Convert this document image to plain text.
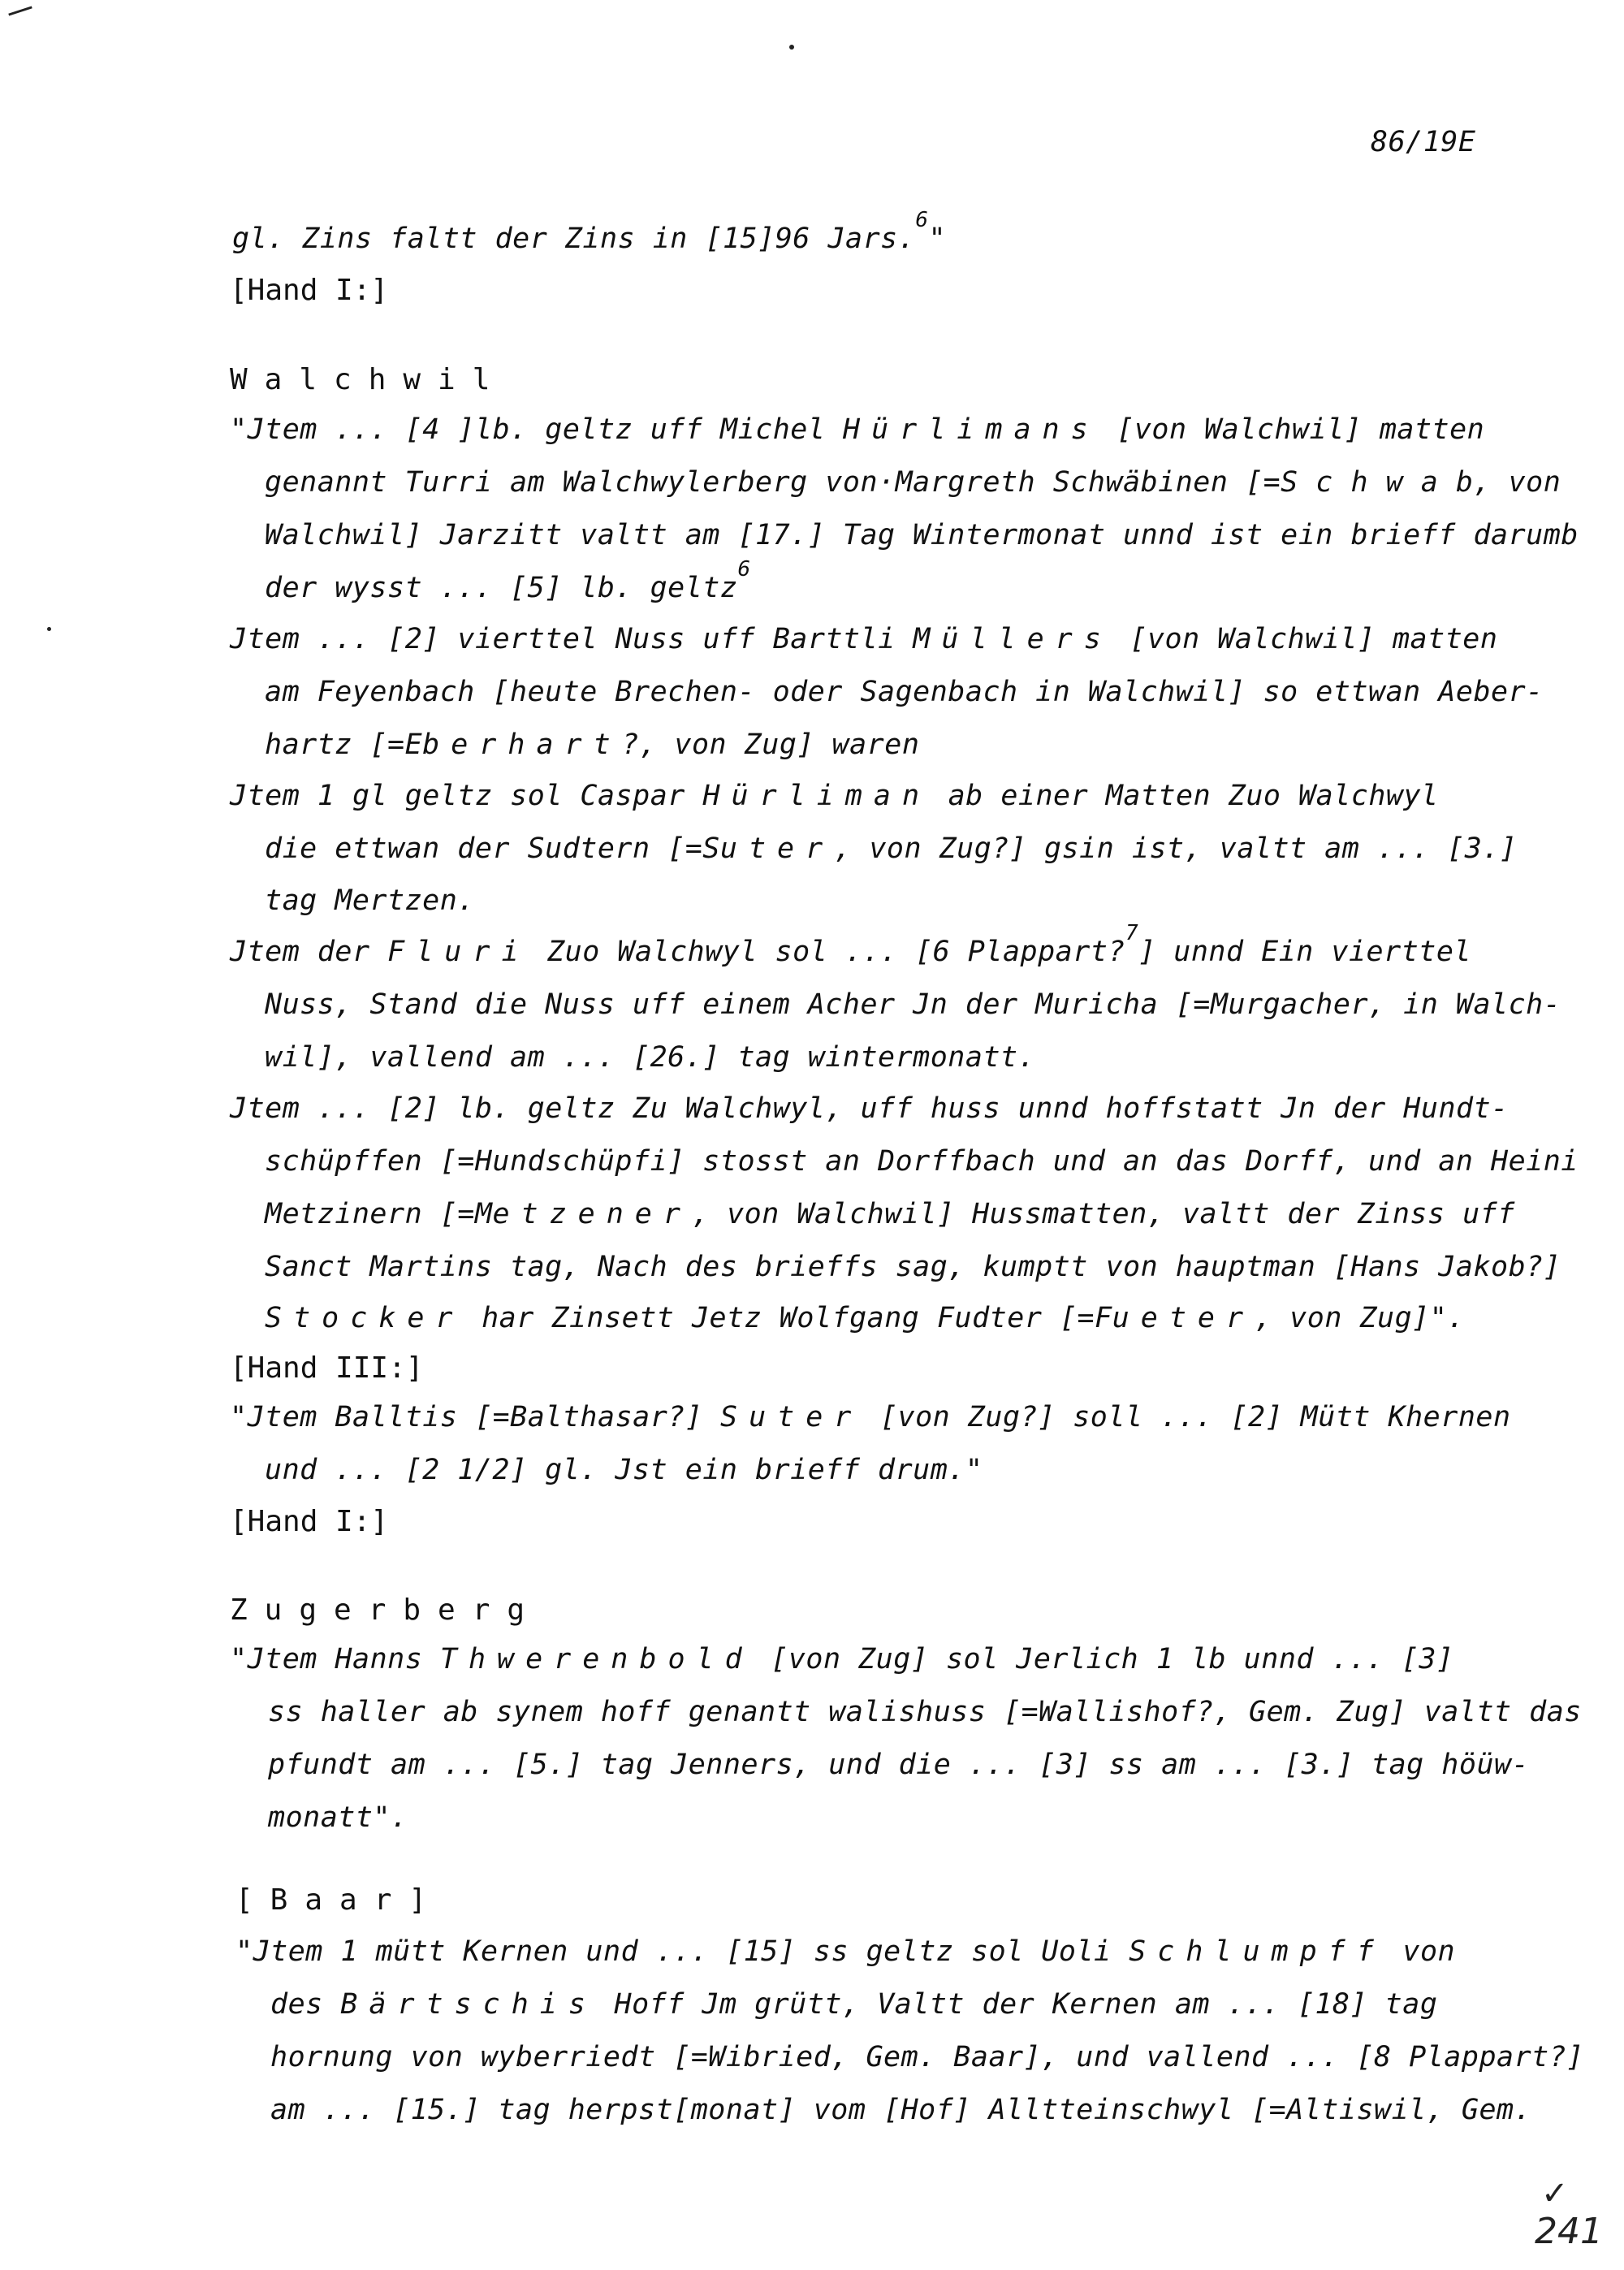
86/19E
gl. Zins faltt der Zins in [15]96 Jars.$^6$"
[Hand I:]
Walchwil
"Jtem ... [4 ]lb. geltz uff Michel Hürlimans [von Walchwil] matten
genannt Turri am Walchwylerberg von·Margreth Schwäbinen [=S c h w a b, von
Walchwil] Jarzitt valtt am [17.] Tag Wintermonat unnd ist ein brieff darumb
der wysst ... [5] lb. geltz$^6$
Jtem ... [2] vierttel Nuss uff Barttli Müllers [von Walchwil] matten
am Feyenbach [heute Brechen- oder Sagenbach in Walchwil] so ettwan Aeber-
hartz [=Eberhart?, von Zug] waren
Jtem 1 gl geltz sol Caspar Hürliman ab einer Matten Zuo Walchwyl
die ettwan der Sudtern [=Suter, von Zug?] gsin ist, valtt am ... [3.]
tag Mertzen.
Jtem der Fluri Zuo Walchwyl sol ... [6 Plappart?$^7$] unnd Ein vierttel
Nuss, Stand die Nuss uff einem Acher Jn der Muricha [=Murgacher, in Walch-
wil], vallend am ... [26.] tag wintermonatt.
Jtem ... [2] lb. geltz Zu Walchwyl, uff huss unnd hoffstatt Jn der Hundt-
schüpffen [=Hundschüpfi] stosst an Dorffbach und an das Dorff, und an Heini
Metzinern [=Metzener, von Walchwil] Hussmatten, valtt der Zinss uff
Sanct Martins tag, Nach des brieffs sag, kumptt von hauptman [Hans Jakob?]
Stocker har Zinsett Jetz Wolfgang Fudter [=Fueter, von Zug]".
[Hand III:]
"Jtem Balltis [=Balthasar?] Suter [von Zug?] soll ... [2] Mütt Khernen
und ... [2 1/2] gl. Jst ein brieff drum."
[Hand I:]
Zugerberg
"Jtem Hanns Thwerenbold [von Zug] sol Jerlich 1 lb unnd ... [3]
ss haller ab synem hoff genantt walishuss [=Wallishof?, Gem. Zug] valtt das
pfundt am ... [5.] tag Jenners, und die ... [3] ss am ... [3.] tag höüw-
monatt".
[Baar]
"Jtem 1 mütt Kernen und ... [15] ss geltz sol Uoli Schlumpff von
des Bärtschis Hoff Jm grütt, Valtt der Kernen am ... [18] tag
hornung von wyberriedt [=Wibried, Gem. Baar], und vallend ... [8 Plappart?]
am ... [15.] tag herpst[monat] vom [Hof] Alltteinschwyl [=Altiswil, Gem.
✓
241
